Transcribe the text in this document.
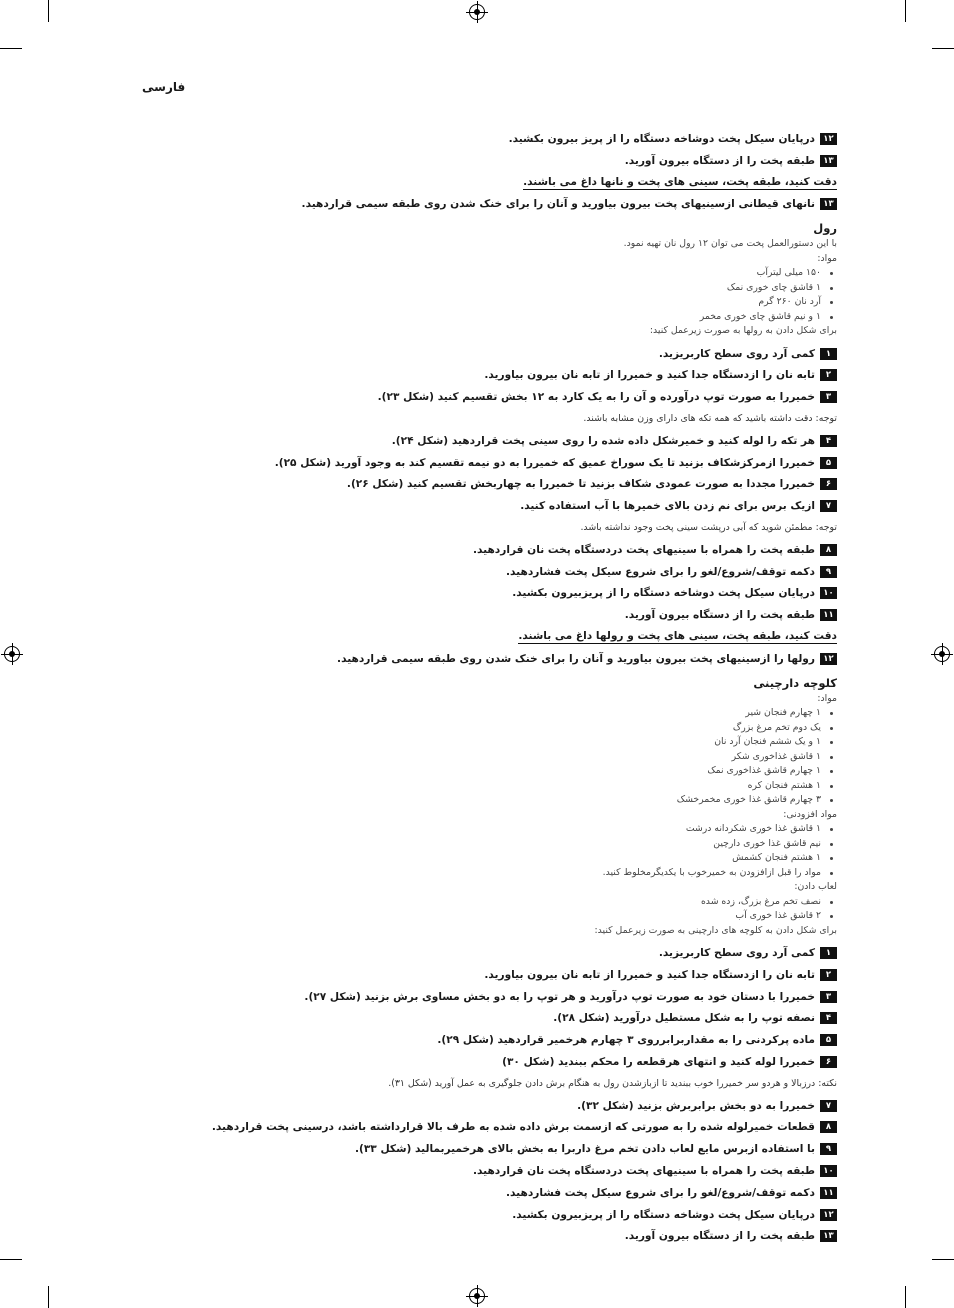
فارسی
۱۲
درپایان سیکل پخت دوشاخه دستگاه را از پریز بیرون بکشید.
۱۳
طبقه پخت را از دستگاه بیرون آورید.
دقت کنید، طبقه پخت، سینی های پخت و نانها داغ می باشند.
۱۳
نانهای قیطانی ازسینیهای پخت بیرون بیاورید و آنان را برای خنک شدن روی طبقه سیمی قراردهید.
رول
با این دستورالعمل پخت می توان ۱۲ رول نان تهیه نمود.
مواد:
۱۵۰ میلی لیترآب
۱ قاشق چای خوری نمک
آرد نان ۲۶۰ گرم
۱ و نیم قاشق چای خوری مخمر
برای شکل دادن به رولها به صورت زیرعمل کنید:
۱
کمی آرد روی سطح کاربریزید.
۲
تابه نان را ازدستگاه جدا کنید و خمیررا از تابه نان بیرون بیاورید.
۳
خمیررا به صورت توپ درآورده و آن را به یک کارد به ۱۲ بخش تقسیم کنید (شکل ۲۳).
توجه: دقت داشته باشید که همه تکه های دارای وزن مشابه باشند.
۴
هر تکه را لوله کنید و خمیرشکل داده شده را روی سینی پخت قراردهید (شکل ۲۴).
۵
خمیررا ازمرکزشکاف بزنید تا یک سوراخ عمیق که خمیررا به دو نیمه تقسیم کند به وجود آورید (شکل ۲۵).
۶
خمیررا مجددا به صورت عمودی شکاف بزنید تا خمیررا به چهاربخش تقسیم کنید (شکل ۲۶).
۷
ازیک برس برای نم زدن بالای خمیرها با آب استفاده کنید.
توجه: مطمئن شوید که آبی درپشت سینی پخت وجود نداشته باشد.
۸
طبقه پخت را همراه با سینیهای پخت دردستگاه پخت نان قراردهید.
۹
دکمه توقف/شروع/لغو را برای شروع سیکل پخت فشاردهید.
۱۰
درپایان سیکل پخت دوشاخه دستگاه را از پریزبیرون بکشید.
۱۱
طبقه پخت را از دستگاه بیرون آورید.
دقت کنید، طبقه پخت، سینی های پخت و رولها داغ می باشند.
۱۲
رولها را ازسینیهای پخت بیرون بیاورید و آنان را برای خنک شدن روی طبقه سیمی قراردهید.
کلوچه دارچینی
مواد:
۱ چهارم فنجان شیر
یک دوم تخم مرغ بزرگ
۱ و یک ششم فنجان آرد نان
۱ قاشق غذاخوری شکر
۱ چهارم قاشق غذاخوری نمک
۱ هشتم فنجان کره
۳ چهارم قاشق غذا خوری مخمرخشک
مواد افزودنی:
۱ قاشق غذا خوری شکردانه درشت
نیم قاشق غذا خوری دارچین
۱ هشتم فنجان کشمش
مواد را قبل ازافزودن به خمیرخوب با یکدیگرمخلوط کنید.
لعاب دادن:
نصف تخم مرغ بزرگ، زده شده
۲ قاشق غذا خوری آب
برای شکل دادن به کلوچه های دارچینی به صورت زیرعمل کنید:
۱
کمی آرد روی سطح کاربریزید.
۲
تابه نان را ازدستگاه جدا کنید و خمیررا از تابه نان بیرون بیاورید.
۳
خمیررا با دستان خود به صورت توپ درآورید و هر توپ را به دو بخش مساوی برش بزنید (شکل ۲۷).
۴
نصفه توپ را به شکل مستطیل درآورید (شکل ۲۸).
۵
ماده پرکردنی را به مقداربرابرروی ۳ چهارم هرخمیر قراردهید (شکل ۲۹).
۶
خمیررا لوله کنید و انتهای هرقطعه را محکم ببندید (شکل ۳۰)
نکته: درزبالا و هردو سر خمیررا خوب ببندید تا ازبازشدن رول به هنگام برش دادن جلوگیری به عمل آورید (شکل ۳۱).
۷
خمیررا به دو بخش برابربرش بزنید (شکل ۳۲).
۸
قطعات خمیرلوله شده را به صورتی که ازسمت برش داده شده به طرف بالا قرارداشته باشد، درسینی پخت قراردهید.
۹
با استفاده ازبرس مایع لعاب دادن تخم مرغ داربرا به بخش بالای هرخمیربمالید (شکل ۳۳).
۱۰
طبقه پخت را همراه با سینیهای پخت دردستگاه پخت نان قراردهید.
۱۱
دکمه توقف/شروع/لغو را برای شروع سیکل پخت فشاردهید.
۱۲
درپایان سیکل پخت دوشاخه دستگاه را از پریزبیرون بکشید.
۱۳
طبقه پخت را از دستگاه بیرون آورید.
